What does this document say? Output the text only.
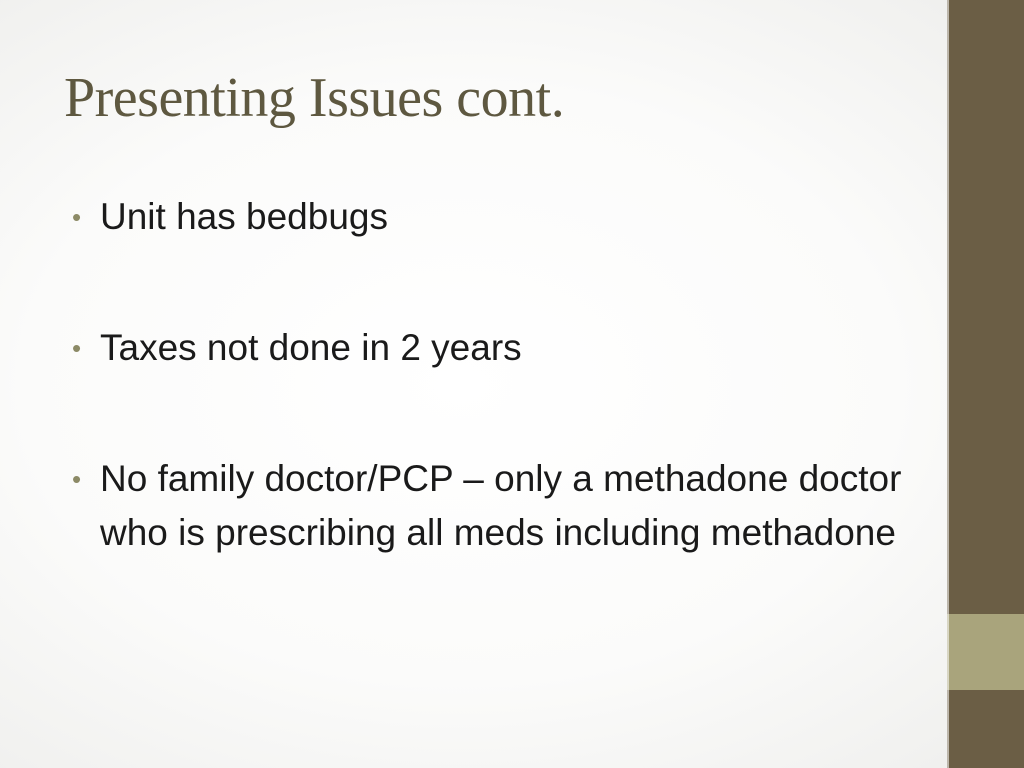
Presenting Issues cont.
• Unit has bedbugs
• Taxes not done in 2 years
• No family doctor/PCP – only a methadone doctor who is prescribing all meds including methadone
